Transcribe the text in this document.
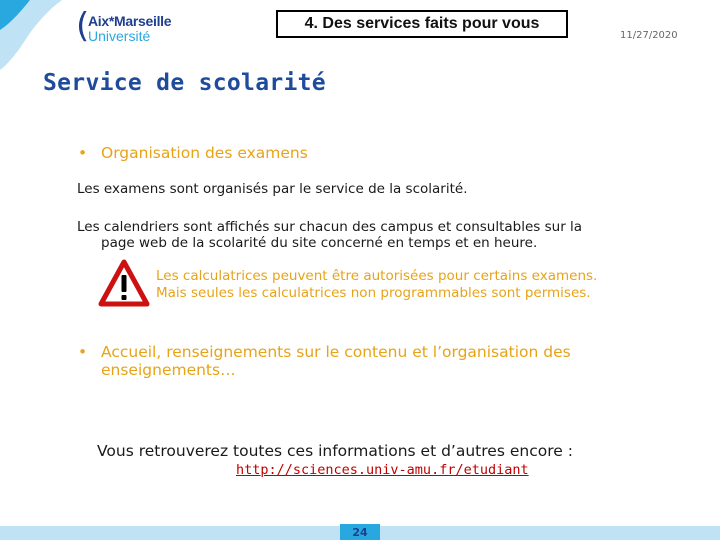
(
Aix*Marseille
Université
4. Des services faits pour vous
11/27/2020
Service de scolarité
• Organisation des examens
Les examens sont organisés par le service de la scolarité.
Les calendriers sont affichés sur chacun des campus et consultables sur la
page web de la scolarité du site concerné en temps et en heure.
Les calculatrices peuvent être autorisées pour certains examens.
Mais seules les calculatrices non programmables sont permises.
• Accueil, renseignements sur le contenu et l’organisation des
enseignements…
Vous retrouverez toutes ces informations et d’autres encore :
http://sciences.univ-amu.fr/etudiant
24
